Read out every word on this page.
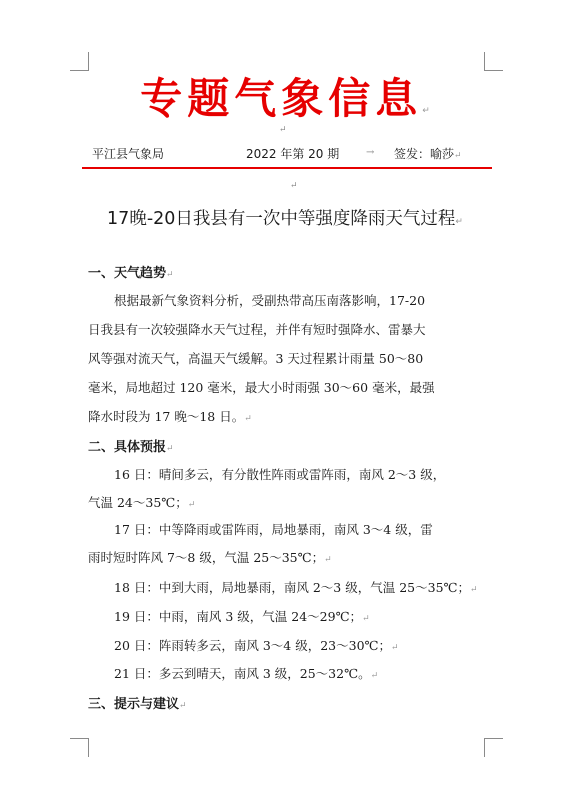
专题气象信息↵
↵
平江县气象局	2022 年第 20 期	→ 签发：喻莎↵
↵
17晚-20日我县有一次中等强度降雨天气过程↵
一、天气趋势↵
根据最新气象资料分析，受副热带高压南落影响，17-20
日我县有一次较强降水天气过程，并伴有短时强降水、雷暴大
风等强对流天气，高温天气缓解。3 天过程累计雨量 50～80
毫米，局地超过 120 毫米，最大小时雨强 30～60 毫米，最强
降水时段为 17 晚～18 日。↵
二、具体预报↵
16 日：晴间多云，有分散性阵雨或雷阵雨，南风 2～3 级，
气温 24～35℃；↵
17 日：中等降雨或雷阵雨，局地暴雨，南风 3～4 级，雷
雨时短时阵风 7～8 级，气温 25～35℃；↵
18 日：中到大雨，局地暴雨，南风 2～3 级，气温 25～35℃；↵
19 日：中雨，南风 3 级，气温 24～29℃；↵
20 日：阵雨转多云，南风 3～4 级，23～30℃；↵
21 日：多云到晴天，南风 3 级，25～32℃。↵
三、提示与建议↵
